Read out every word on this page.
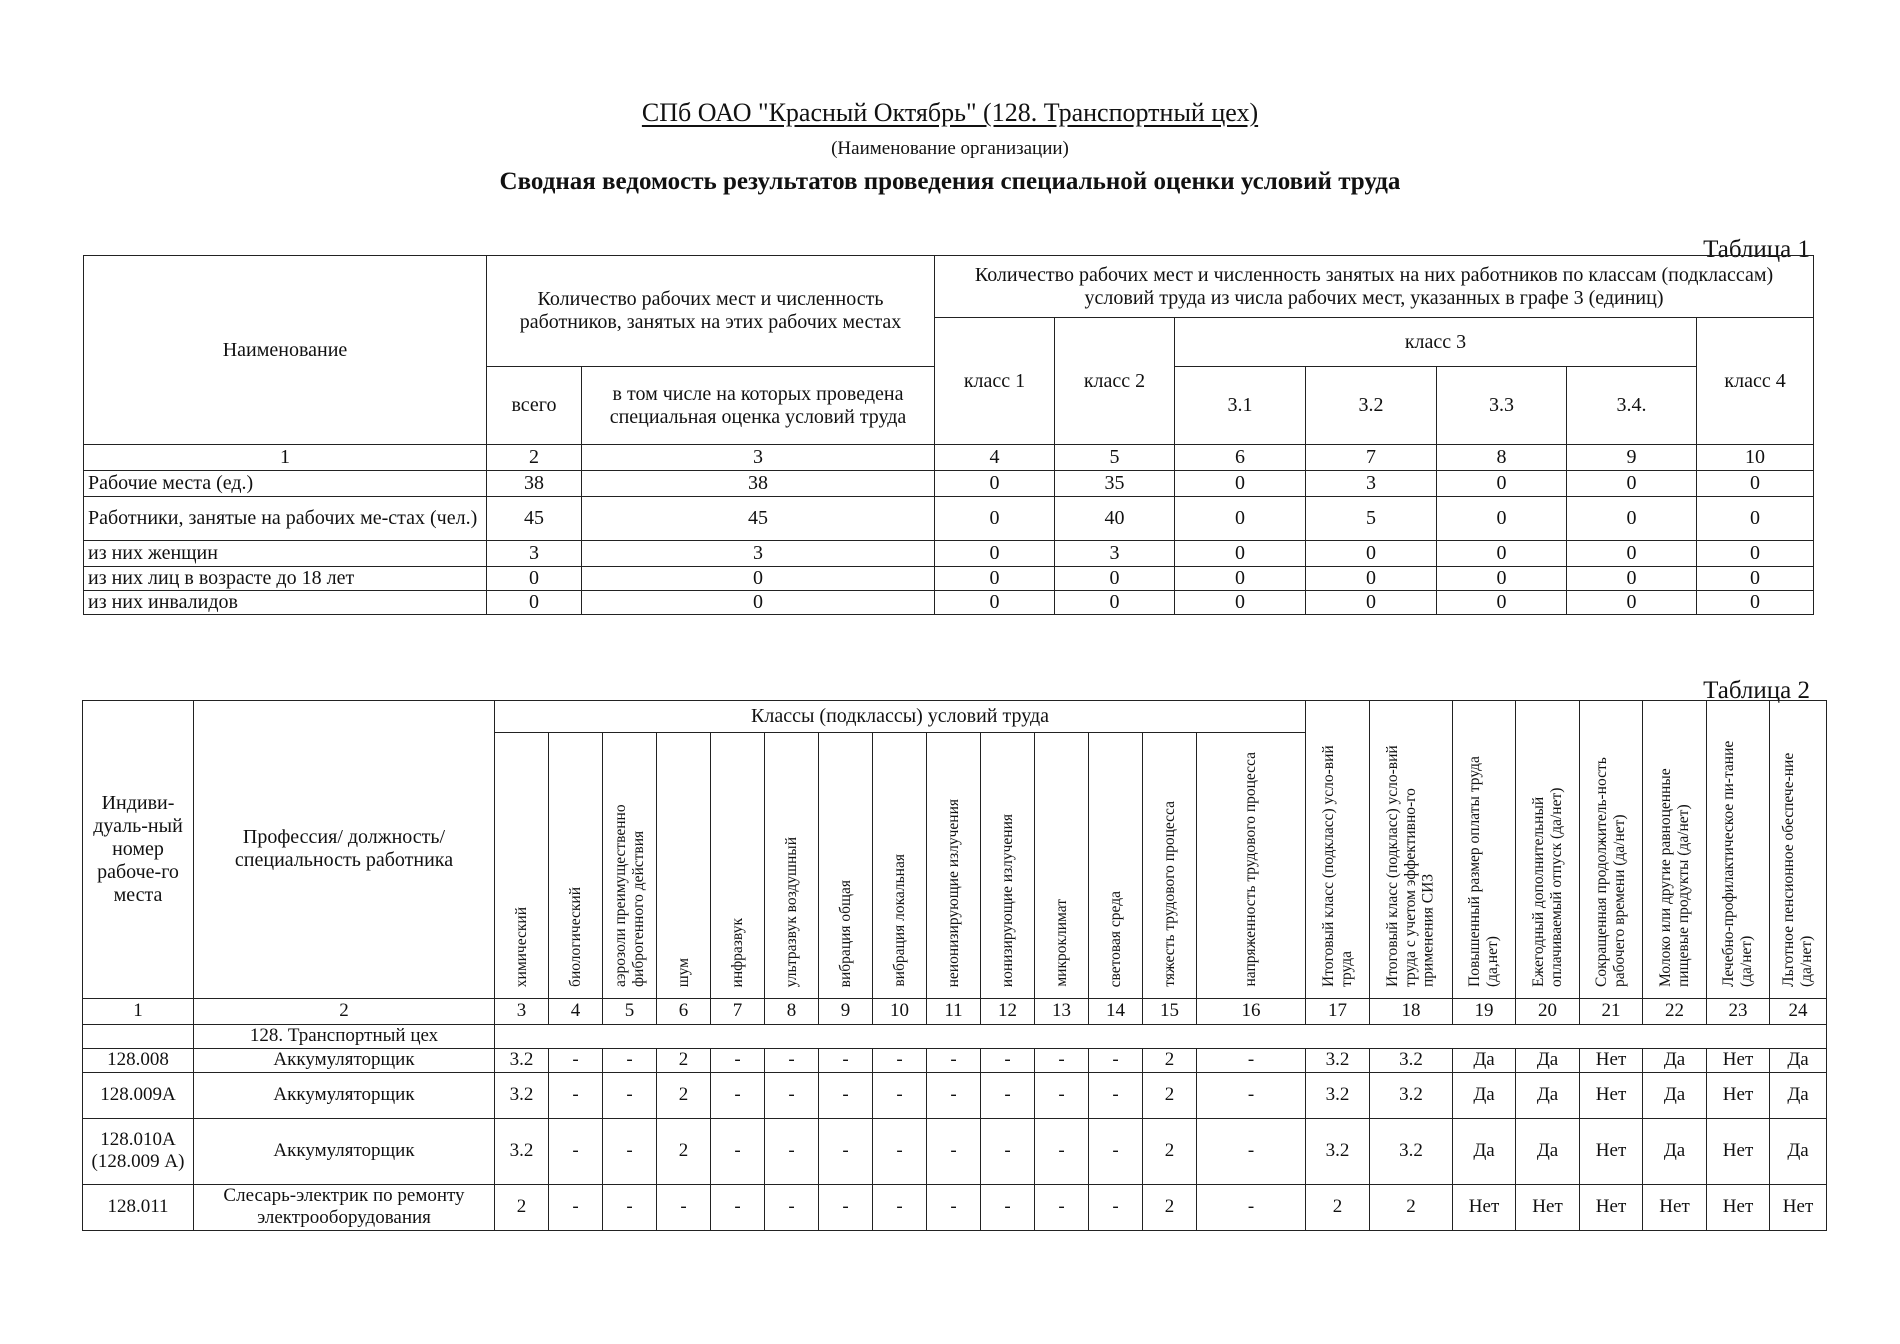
СПб ОАО "Красный Октябрь" (128. Транспортный цех)
(Наименование организации)
Сводная ведомость результатов проведения специальной оценки условий труда
Таблица 1
Наименование	Количество рабочих мест и численность работников, занятых на этих рабочих местах		Количество рабочих мест и численность занятых на них работников по классам (подклассам) условий труда из числа рабочих мест, указанных в графе 3 (единиц)						
			класс 1	класс 2	класс 3				класс 4
	всего	в том числе на которых проведена специальная оценка условий труда			3.1	3.2	3.3	3.4.	
1	2	3	4	5	6	7	8	9	10
Рабочие места (ед.)	38	38	0	35	0	3	0	0	0
Работники, занятые на рабочих ме-стах (чел.)	45	45	0	40	0	5	0	0	0
из них женщин	3	3	0	3	0	0	0	0	0
из них лиц в возрасте до 18 лет	0	0	0	0	0	0	0	0	0
из них инвалидов	0	0	0	0	0	0	0	0	0
Таблица 2
Индиви-дуаль-ный номер рабоче-го места	Профессия/ должность/ специальность работника	Классы (подклассы) условий труда														Итоговый класс (подкласс) усло-вий труда	Итоговый класс (подкласс) усло-вий труда с учетом эффективно-го применения СИЗ	Повышенный размер оплаты труда (да,нет)	Ежегодный дополнительный оплачиваемый отпуск (да/нет)	Сокращенная продолжитель-ность рабочего времени (да/нет)	Молоко или другие равноценные пищевые продукты (да/нет)	Лечебно-профилактическое пи-тание (да/нет)	Льготное пенсионное обеспече-ние (да/нет)
		химический	биологический	аэрозоли преимущественно фиброгенного действия	шум	инфразвук	ультразвук воздушный	вибрация общая	вибрация локальная	неионизирующие излучения	ионизирующие излучения	микроклимат	световая среда	тяжесть трудового процесса	напряженность трудового процесса								
1	2	3	4	5	6	7	8	9	10	11	12	13	14	15	16	17	18	19	20	21	22	23	24
	128. Транспортный цех																						
128.008	Аккумуляторщик	3.2	-	-	2	-	-	-	-	-	-	-	-	2	-	3.2	3.2	Да	Да	Нет	Да	Нет	Да
128.009А	Аккумуляторщик	3.2	-	-	2	-	-	-	-	-	-	-	-	2	-	3.2	3.2	Да	Да	Нет	Да	Нет	Да
128.010А (128.009 А)	Аккумуляторщик	3.2	-	-	2	-	-	-	-	-	-	-	-	2	-	3.2	3.2	Да	Да	Нет	Да	Нет	Да
128.011	Слесарь-электрик по ремонту электрооборудования	2	-	-	-	-	-	-	-	-	-	-	-	2	-	2	2	Нет	Нет	Нет	Нет	Нет	Нет
